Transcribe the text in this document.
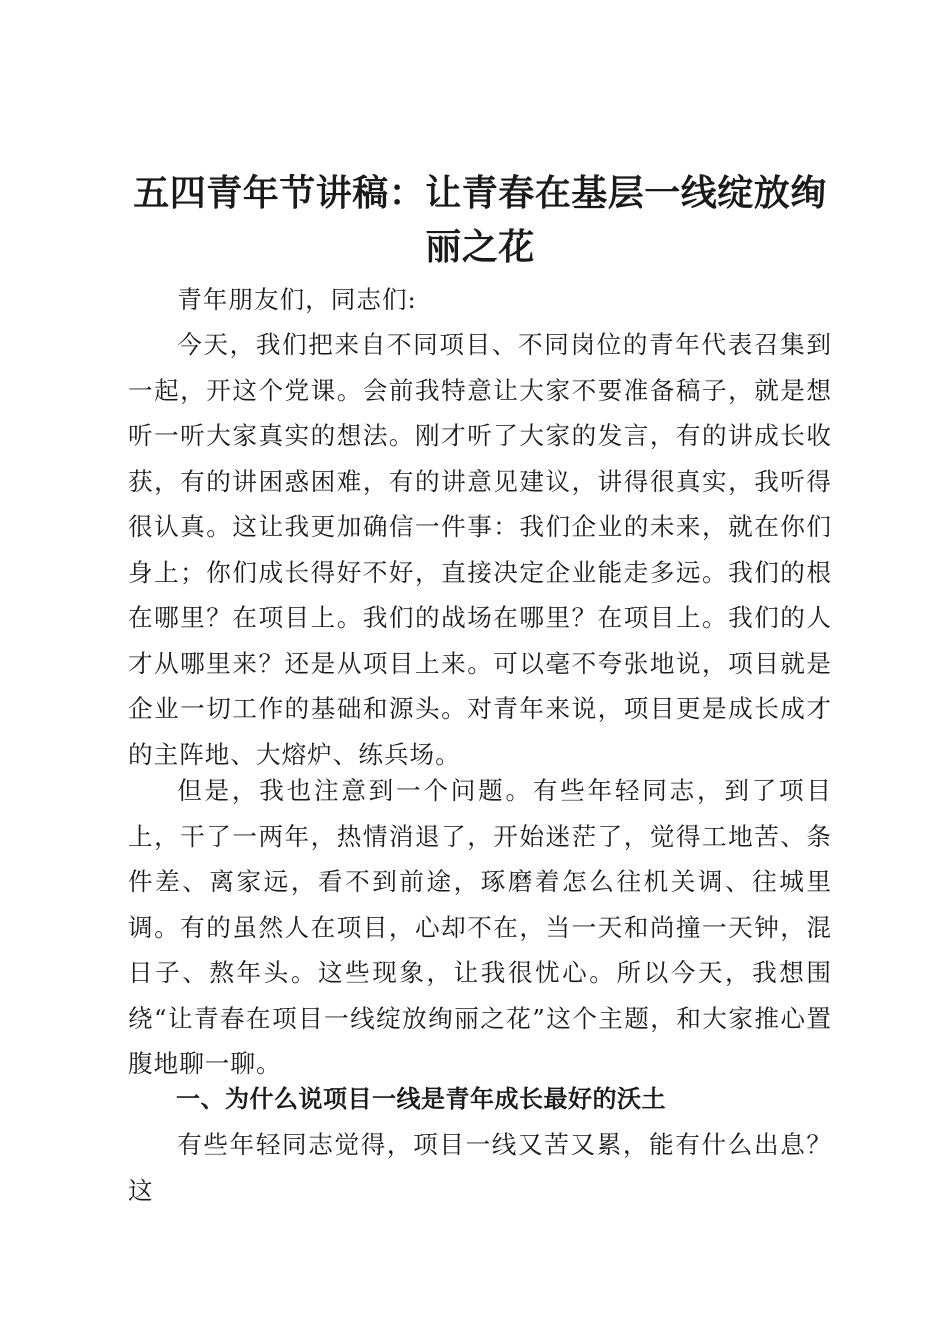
五四青年节讲稿：让青春在基层一线绽放绚丽之花

青年朋友们，同志们:

今天，我们把来自不同项目、不同岗位的青年代表召集到一起，开这个党课。会前我特意让大家不要准备稿子，就是想听一听大家真实的想法。刚才听了大家的发言，有的讲成长收获，有的讲困惑困难，有的讲意见建议，讲得很真实，我听得很认真。这让我更加确信一件事：我们企业的未来，就在你们身上；你们成长得好不好，直接决定企业能走多远。我们的根在哪里？在项目上。我们的战场在哪里？在项目上。我们的人才从哪里来？还是从项目上来。可以毫不夸张地说，项目就是企业一切工作的基础和源头。对青年来说，项目更是成长成才的主阵地、大熔炉、练兵场。

但是，我也注意到一个问题。有些年轻同志，到了项目上，干了一两年，热情消退了，开始迷茫了，觉得工地苦、条件差、离家远，看不到前途，琢磨着怎么往机关调、往城里调。有的虽然人在项目，心却不在，当一天和尚撞一天钟，混日子、熬年头。这些现象，让我很忧心。所以今天，我想围绕“让青春在项目一线绽放绚丽之花”这个主题，和大家推心置腹地聊一聊。

一、为什么说项目一线是青年成长最好的沃土

有些年轻同志觉得，项目一线又苦又累，能有什么出息？这
